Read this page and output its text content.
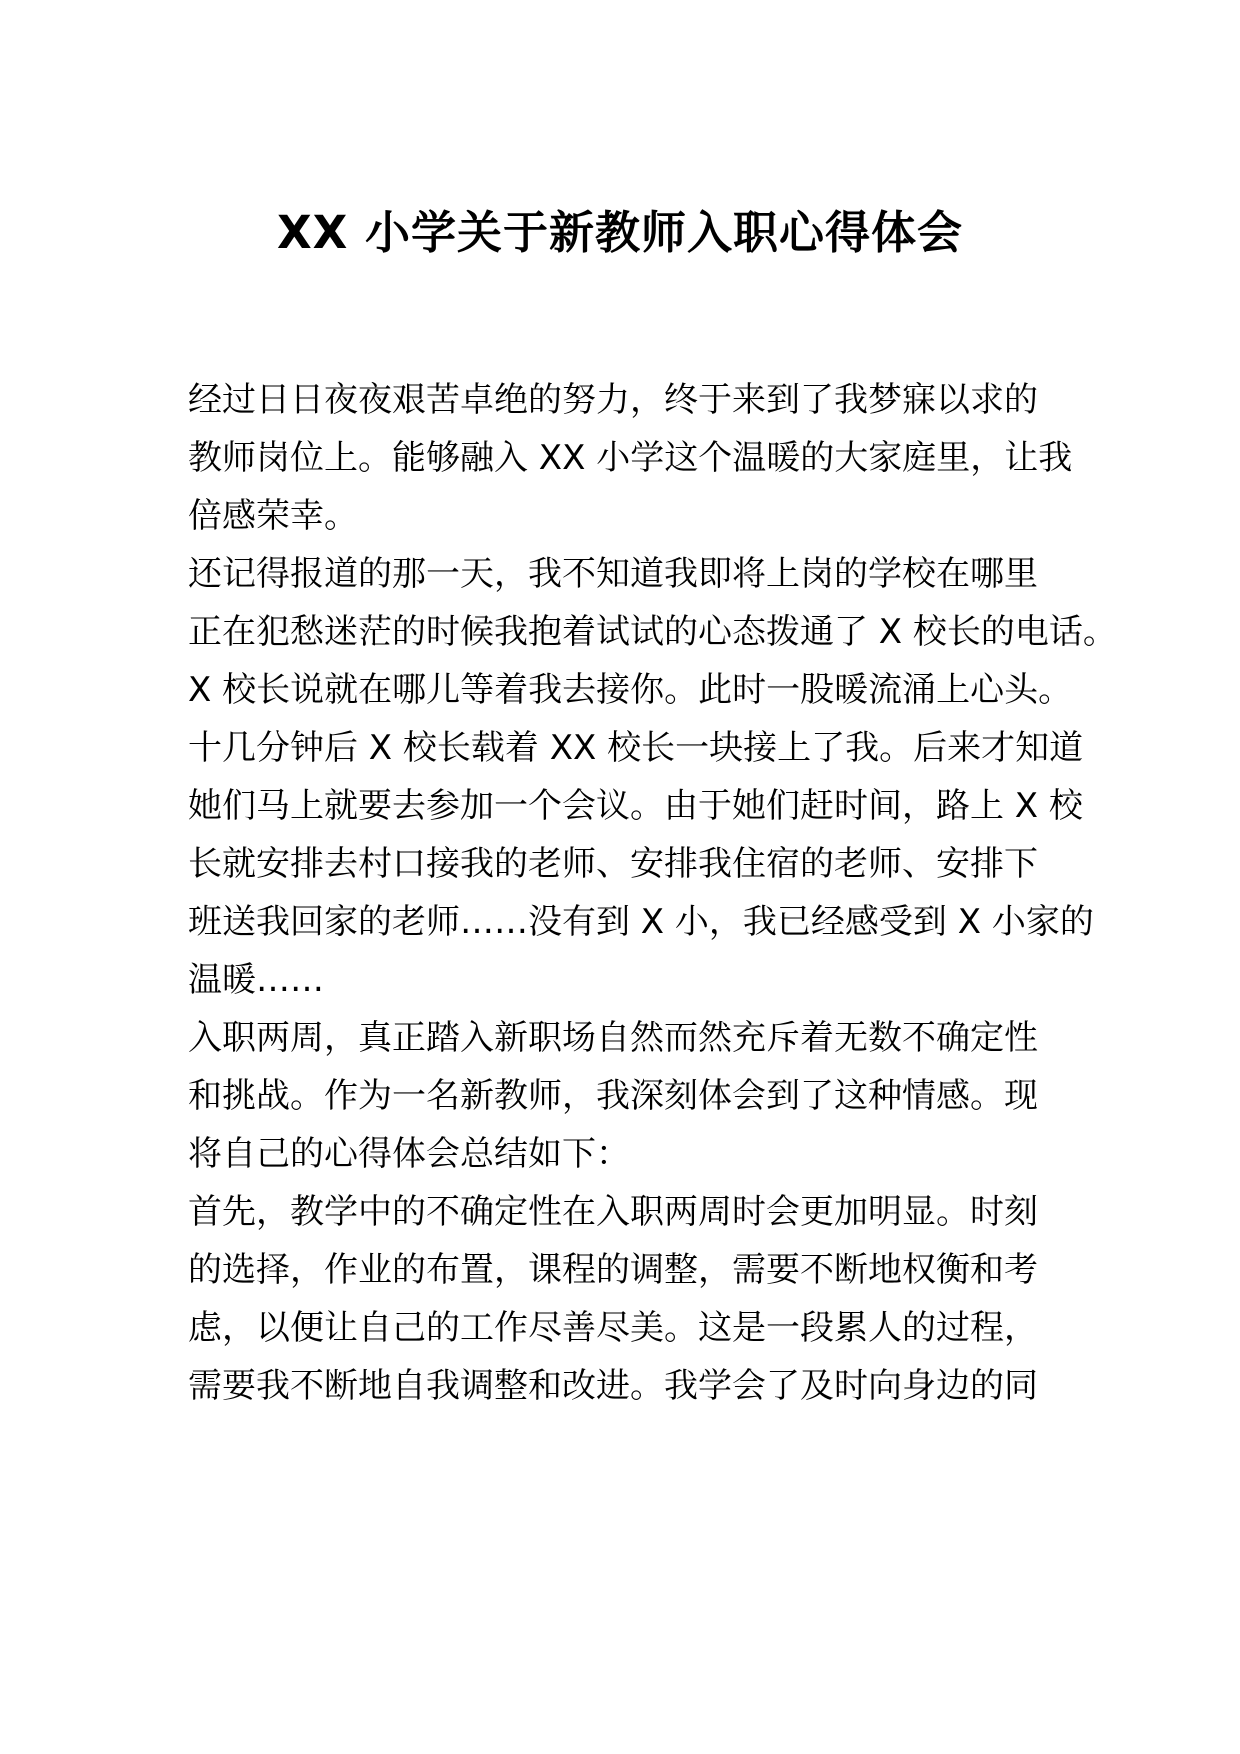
XX 小学关于新教师入职心得体会

经过日日夜夜艰苦卓绝的努力，终于来到了我梦寐以求的

教师岗位上。能够融入 XX 小学这个温暖的大家庭里，让我

倍感荣幸。

还记得报道的那一天，我不知道我即将上岗的学校在哪里

正在犯愁迷茫的时候我抱着试试的心态拨通了 X 校长的电话。

X 校长说就在哪儿等着我去接你。此时一股暖流涌上心头。

十几分钟后 X 校长载着 XX 校长一块接上了我。后来才知道

她们马上就要去参加一个会议。由于她们赶时间，路上 X 校

长就安排去村口接我的老师、安排我住宿的老师、安排下

班送我回家的老师……没有到 X 小，我已经感受到 X 小家的

温暖……

入职两周，真正踏入新职场自然而然充斥着无数不确定性

和挑战。作为一名新教师，我深刻体会到了这种情感。现

将自己的心得体会总结如下：

首先，教学中的不确定性在入职两周时会更加明显。时刻

的选择，作业的布置，课程的调整，需要不断地权衡和考

虑，以便让自己的工作尽善尽美。这是一段累人的过程，

需要我不断地自我调整和改进。我学会了及时向身边的同
